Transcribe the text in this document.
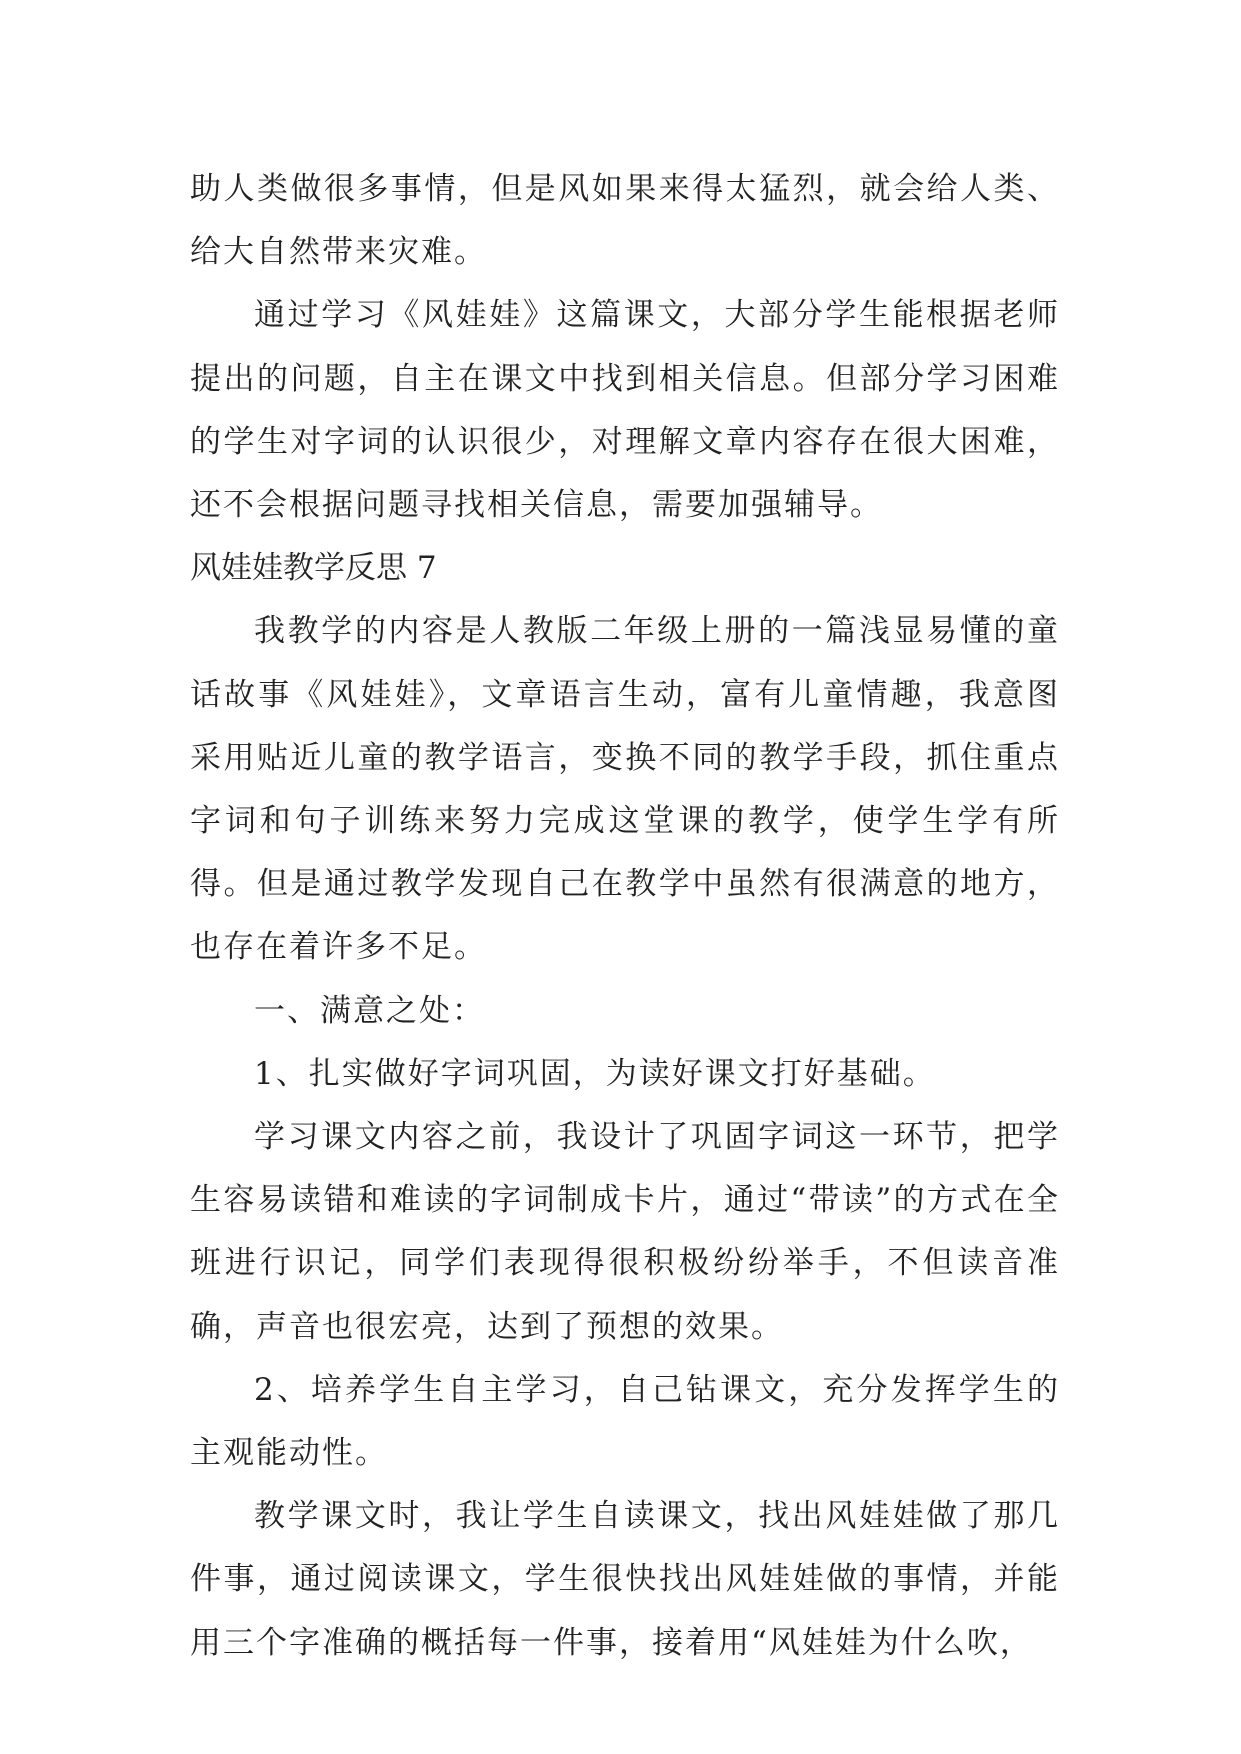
助人类做很多事情，但是风如果来得太猛烈，就会给人类、给大自然带来灾难。

通过学习《风娃娃》这篇课文，大部分学生能根据老师提出的问题，自主在课文中找到相关信息。但部分学习困难的学生对字词的认识很少，对理解文章内容存在很大困难，还不会根据问题寻找相关信息，需要加强辅导。

风娃娃教学反思 7

我教学的内容是人教版二年级上册的一篇浅显易懂的童话故事《风娃娃》，文章语言生动，富有儿童情趣，我意图采用贴近儿童的教学语言，变换不同的教学手段，抓住重点字词和句子训练来努力完成这堂课的教学，使学生学有所得。但是通过教学发现自己在教学中虽然有很满意的地方，也存在着许多不足。

一、满意之处：

1、扎实做好字词巩固，为读好课文打好基础。

学习课文内容之前，我设计了巩固字词这一环节，把学生容易读错和难读的字词制成卡片，通过“带读”的方式在全班进行识记，同学们表现得很积极纷纷举手，不但读音准确，声音也很宏亮，达到了预想的效果。

2、培养学生自主学习，自己钻课文，充分发挥学生的主观能动性。

教学课文时，我让学生自读课文，找出风娃娃做了那几件事，通过阅读课文，学生很快找出风娃娃做的事情，并能用三个字准确的概括每一件事，接着用“风娃娃为什么吹，
